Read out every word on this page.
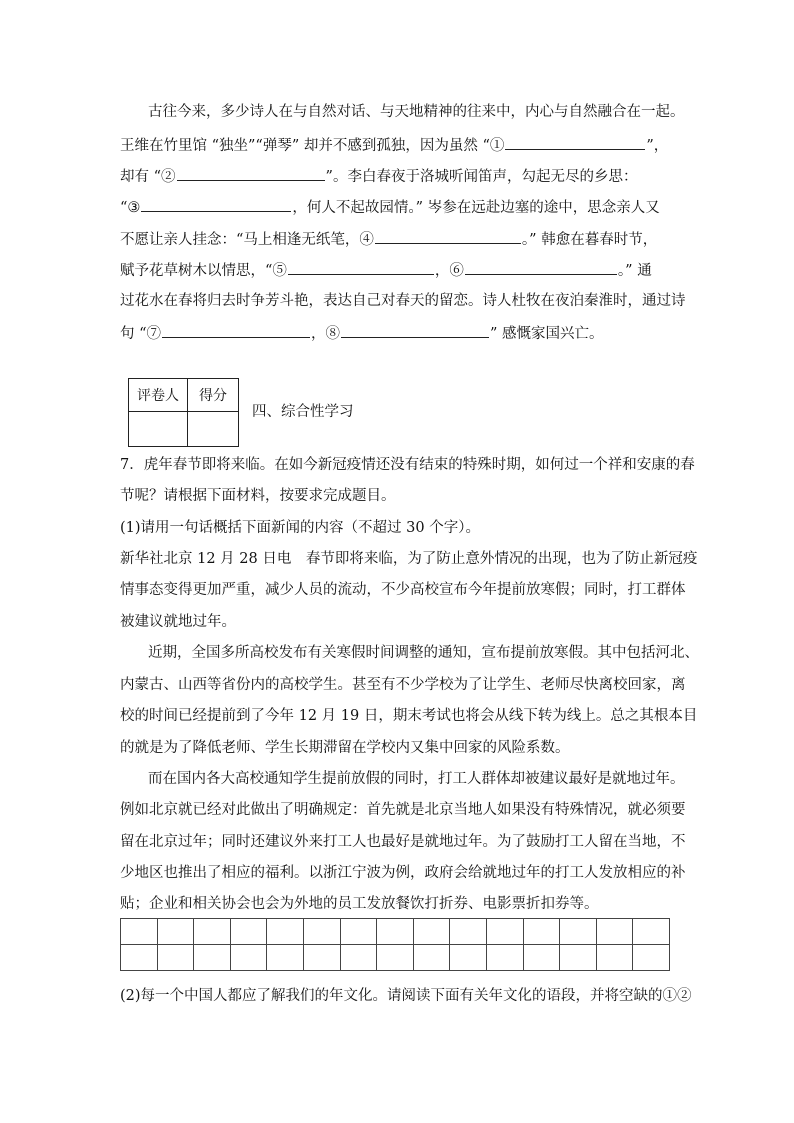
古往今来，多少诗人在与自然对话、与天地精神的往来中，内心与自然融合在一起。
王维在竹里馆 “独坐”“弹琴” 却并不感到孤独，因为虽然 “①	”，
却有 “②	”。李白春夜于洛城听闻笛声，勾起无尽的乡思：
“③	，何人不起故园情。” 岑参在远赴边塞的途中，思念亲人又
不愿让亲人挂念：“马上相逢无纸笔，④	。” 韩愈在暮春时节，
赋予花草树木以情思，“⑤	，⑥	。” 通
过花水在春将归去时争芳斗艳，表达自己对春天的留恋。诗人杜牧在夜泊秦淮时，通过诗
句 “⑦	，⑧	” 感慨家国兴亡。
评卷人	得分

四、综合性学习
7．虎年春节即将来临。在如今新冠疫情还没有结束的特殊时期，如何过一个祥和安康的春
节呢？请根据下面材料，按要求完成题目。
(1)请用一句话概括下面新闻的内容（不超过 30 个字）。
新华社北京 12 月 28 日电　春节即将来临，为了防止意外情况的出现，也为了防止新冠疫
情事态变得更加严重，减少人员的流动，不少高校宣布今年提前放寒假；同时，打工群体
被建议就地过年。
近期，全国多所高校发布有关寒假时间调整的通知，宣布提前放寒假。其中包括河北、
内蒙古、山西等省份内的高校学生。甚至有不少学校为了让学生、老师尽快离校回家，离
校的时间已经提前到了今年 12 月 19 日，期末考试也将会从线下转为线上。总之其根本目
的就是为了降低老师、学生长期滞留在学校内又集中回家的风险系数。
而在国内各大高校通知学生提前放假的同时，打工人群体却被建议最好是就地过年。
例如北京就已经对此做出了明确规定：首先就是北京当地人如果没有特殊情况，就必须要
留在北京过年；同时还建议外来打工人也最好是就地过年。为了鼓励打工人留在当地，不
少地区也推出了相应的福利。以浙江宁波为例，政府会给就地过年的打工人发放相应的补
贴；企业和相关协会也会为外地的员工发放餐饮打折券、电影票折扣券等。

(2)每一个中国人都应了解我们的年文化。请阅读下面有关年文化的语段，并将空缺的①②
